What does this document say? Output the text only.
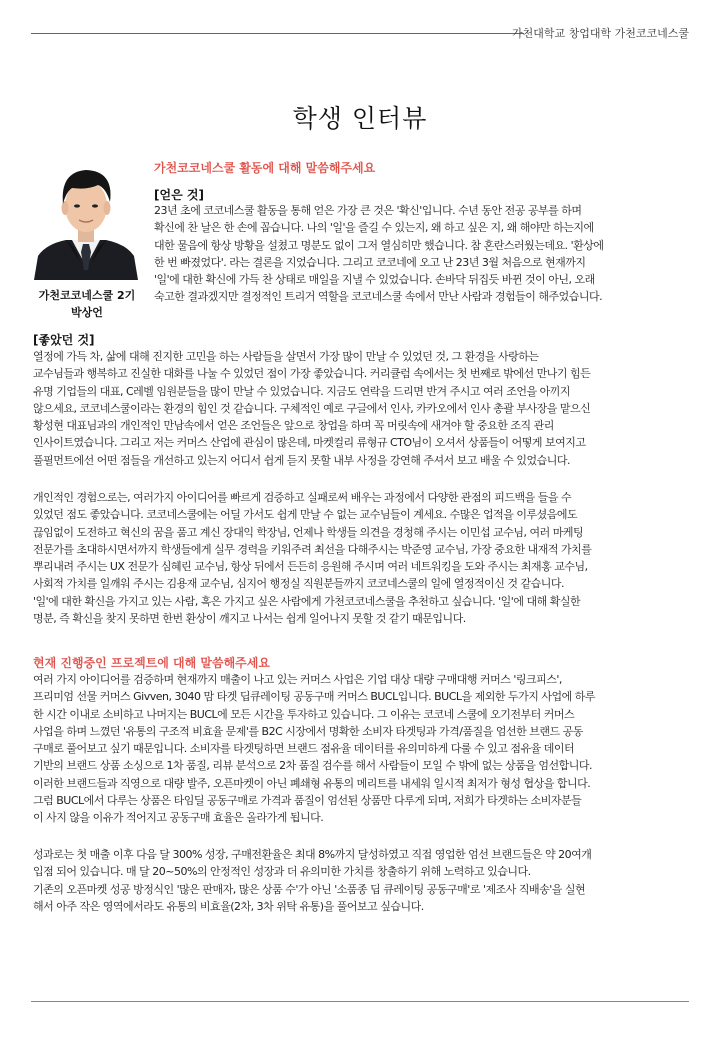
가천대학교 창업대학 가천코코네스쿨
학생 인터뷰
가천코코네스쿨 2기
박상언
가천코코네스쿨 활동에 대해 말씀해주세요
[얻은 것]

23년 초에 코코네스쿨 활동을 통해 얻은 가장 큰 것은 '확신'입니다. 수년 동안 전공 공부를 하며
확신에 찬 날은 한 손에 꼽습니다. 나의 '일'을 즐길 수 있는지, 왜 하고 싶은 지, 왜 해야만 하는지에
대한 물음에 항상 방황을 설쳤고 명분도 없이 그저 열심히만 했습니다. 참 혼란스러웠는데요. '환상에
한 번 빠졌었다'. 라는 결론을 지었습니다. 그리고 코코네에 오고 난 23년 3월 처음으로 현재까지
'일'에 대한 확신에 가득 찬 상태로 매일을 지낼 수 있었습니다. 손바닥 뒤집듯 바뀐 것이 아닌, 오래
숙고한 결과겠지만 결정적인 트리거 역할을 코코네스쿨 속에서 만난 사람과 경험들이 해주었습니다.

[좋았던 것]

열정에 가득 차, 삶에 대해 진지한 고민을 하는 사람들을 살면서 가장 많이 만날 수 있었던 것, 그 환경을 사랑하는
교수님들과 행복하고 진실한 대화를 나눌 수 있었던 점이 가장 좋았습니다. 커리큘럼 속에서는 첫 번째로 밖에선 만나기 힘든
유명 기업들의 대표, C레벨 임원분들을 많이 만날 수 있었습니다. 지금도 연락을 드리면 반겨 주시고 여러 조언을 아끼지
않으세요, 코코네스쿨이라는 환경의 힘인 것 같습니다. 구체적인 예로 구글에서 인사, 카카오에서 인사 총괄 부사장을 맡으신
황성현 대표님과의 개인적인 만남속에서 얻은 조언들은 앞으로 창업을 하며 꼭 머릿속에 새겨야 할 중요한 조직 관리
인사이트였습니다. 그리고 저는 커머스 산업에 관심이 많은데, 마켓컬리 류형규 CTO님이 오셔서 상품들이 어떻게 보여지고
풀필먼트에선 어떤 점들을 개선하고 있는지 어디서 쉽게 듣지 못할 내부 사정을 강연해 주셔서 보고 배울 수 있었습니다.

개인적인 경험으로는, 여러가지 아이디어를 빠르게 검증하고 실패로써 배우는 과정에서 다양한 관점의 피드백을 들을 수
있었던 점도 좋았습니다. 코코네스쿨에는 어딜 가서도 쉽게 만날 수 없는 교수님들이 계세요. 수많은 업적을 이루셨음에도
끊임없이 도전하고 혁신의 꿈을 품고 계신 장대익 학장님, 언제나 학생들 의견을 경청해 주시는 이민섭 교수님, 여러 마케팅
전문가를 초대하시면서까지 학생들에게 실무 경력을 키워주려 최선을 다해주시는 박준영 교수님, 가장 중요한 내재적 가치를
뿌리내려 주시는 UX 전문가 심혜린 교수님, 항상 뒤에서 든든히 응원해 주시며 여러 네트워킹을 도와 주시는 최재홍 교수님,
사회적 가치를 일깨워 주시는 김용재 교수님, 심지어 행정실 직원분들까지 코코네스쿨의 일에 열정적이신 것 같습니다.
'일'에 대한 확신을 가지고 있는 사람, 혹은 가지고 싶은 사람에게 가천코코네스쿨을 추천하고 싶습니다. '일'에 대해 확실한
명분, 즉 확신을 찾지 못하면 한번 환상이 깨지고 나서는 쉽게 일어나지 못할 것 같기 때문입니다.

현재 진행중인 프로젝트에 대해 말씀해주세요

여러 가지 아이디어를 검증하며 현재까지 매출이 나고 있는 커머스 사업은 기업 대상 대량 구매대행 커머스 '링크피스',
프리미엄 선물 커머스 Givven, 3040 맘 타겟 딥큐레이팅 공동구매 커머스 BUCL입니다. BUCL을 제외한 두가지 사업에 하루
한 시간 이내로 소비하고 나머지는 BUCL에 모든 시간을 투자하고 있습니다. 그 이유는 코코네 스쿨에 오기전부터 커머스
사업을 하며 느꼈던 '유통의 구조적 비효율 문제'를 B2C 시장에서 명확한 소비자 타겟팅과 가격/품질을 엄선한 브랜드 공동
구매로 풀어보고 싶기 때문입니다. 소비자를 타겟팅하면 브랜드 점유율 데이터를 유의미하게 다룰 수 있고 점유율 데이터
기반의 브랜드 상품 소싱으로 1차 품질, 리뷰 분석으로 2차 품질 검수를 해서 사람들이 모일 수 밖에 없는 상품을 엄선합니다.
이러한 브랜드들과 직영으로 대량 발주, 오픈마켓이 아닌 폐쇄형 유통의 메리트를 내세워 일시적 최저가 형성 협상을 합니다.
그럼 BUCL에서 다루는 상품은 타임딜 공동구매로 가격과 품질이 엄선된 상품만 다루게 되며, 저희가 타겟하는 소비자분들
이 사지 않을 이유가 적어지고 공동구매 효율은 올라가게 됩니다.

성과로는 첫 매출 이후 다음 달 300% 성장, 구매전환율은 최대 8%까지 달성하였고 직접 영업한 엄선 브랜드들은 약 20여개
입점 되어 있습니다. 매 달 20~50%의 안정적인 성장과 더 유의미한 가치를 창출하기 위해 노력하고 있습니다.
기존의 오픈마켓 성공 방정식인 '많은 판매자, 많은 상품 수'가 아닌 '소품종 딥 큐레이팅 공동구매'로 '제조사 직배송'을 실현
해서 아주 작은 영역에서라도 유통의 비효율(2차, 3차 위탁 유통)을 풀어보고 싶습니다.
